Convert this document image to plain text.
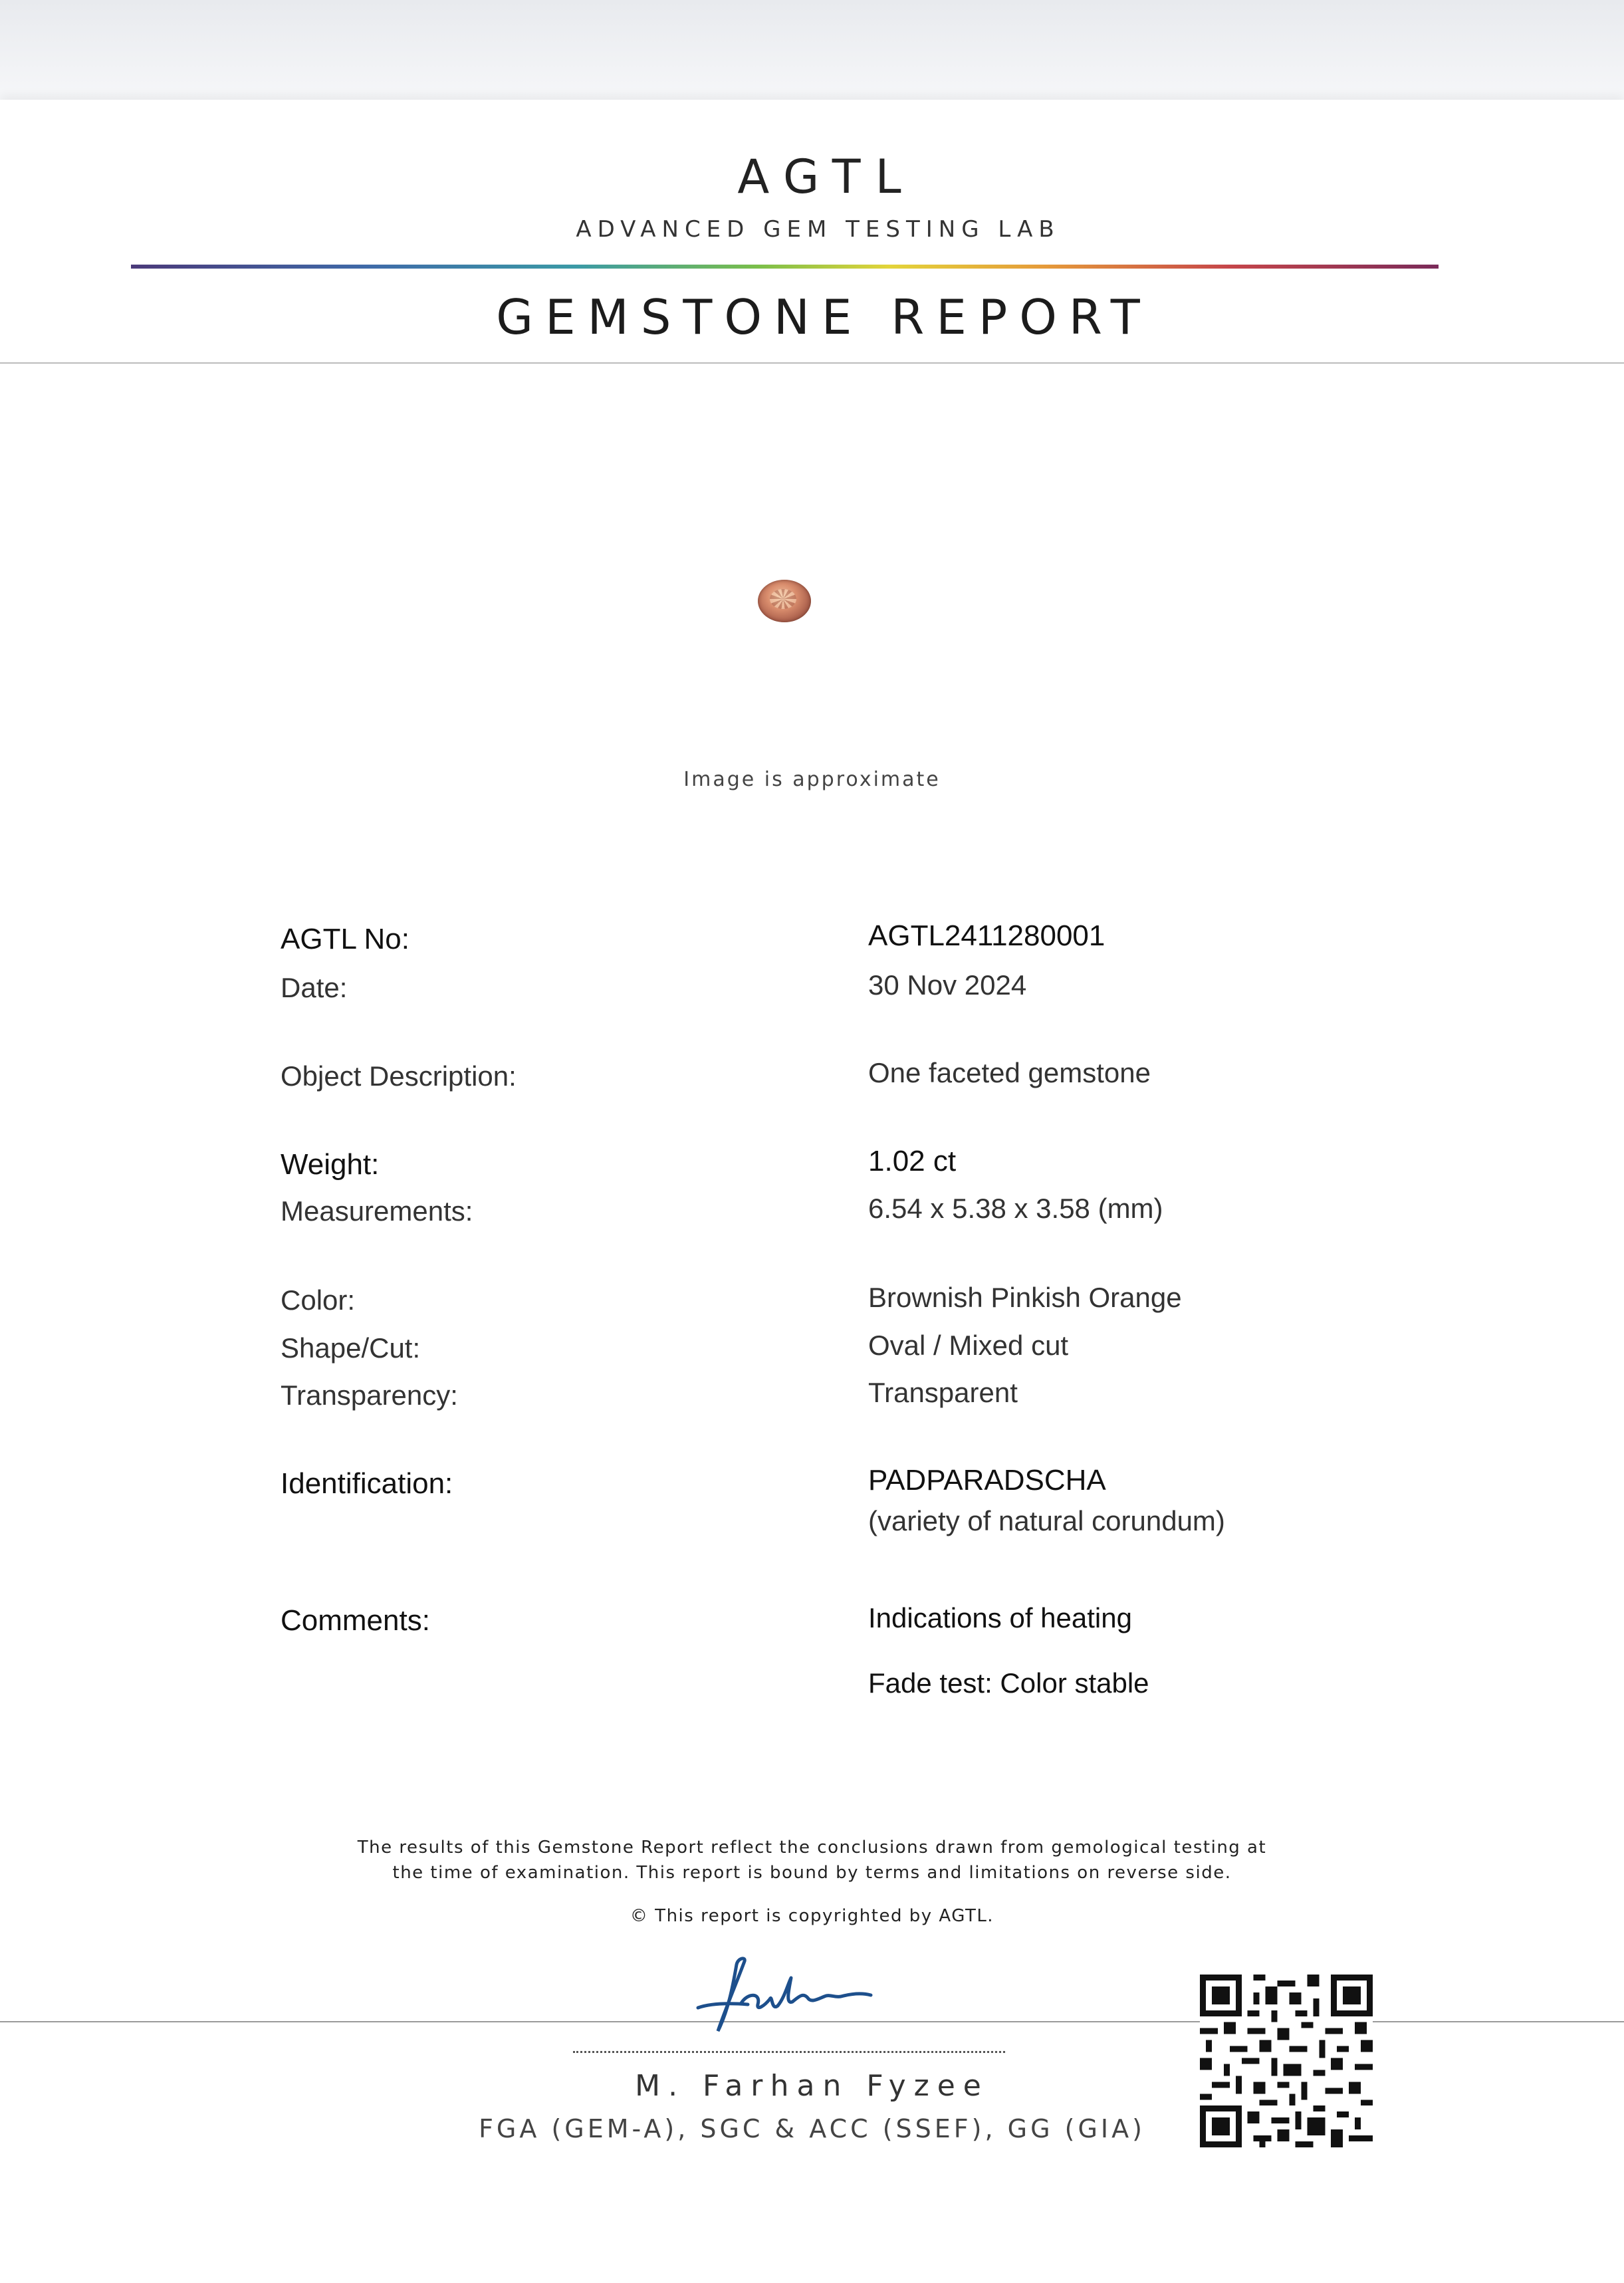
AGTL
ADVANCED GEM TESTING LAB
GEMSTONE REPORT
Image is approximate
AGTL No:	AGTL2411280001
Date:	30 Nov 2024
Object Description:	One faceted gemstone
Weight:	1.02 ct
Measurements:	6.54 x 5.38 x 3.58 (mm)
Color:	Brownish Pinkish Orange
Shape/Cut:	Oval / Mixed cut
Transparency:	Transparent
Identification:	PADPARADSCHA
(variety of natural corundum)
Comments:	Indications of heating
Fade test: Color stable
The results of this Gemstone Report reflect the conclusions drawn from gemological testing at
the time of examination. This report is bound by terms and limitations on reverse side.
© This report is copyrighted by AGTL.
M. Farhan Fyzee
FGA (GEM-A), SGC & ACC (SSEF), GG (GIA)
